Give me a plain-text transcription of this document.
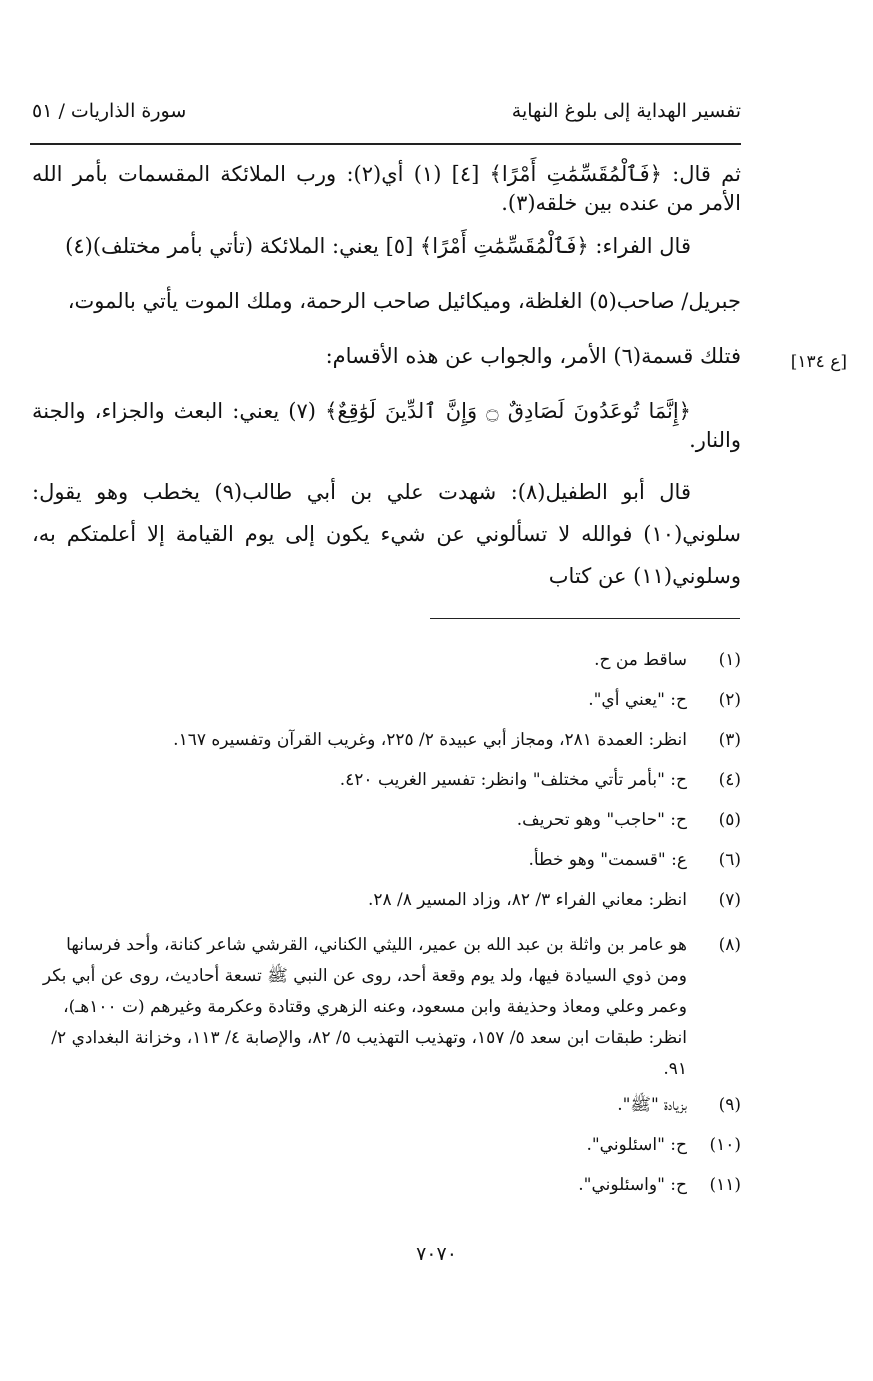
تفسير الهداية إلى بلوغ النهاية
سورة الذاريات / ٥١
[ع ١٣٤]

ثم قال: ﴿فَٱلْمُقَسِّمَٰتِ أَمْرًا﴾ [٤] (١) أي(٢): ورب الملائكة المقسمات بأمر الله الأمر من عنده بين خلقه(٣).

قال الفراء: ﴿فَٱلْمُقَسِّمَٰتِ أَمْرًا﴾ [٥] يعني: الملائكة (تأتي بأمر مختلف)(٤)
جبريل/ صاحب(٥) الغلظة، وميكائيل صاحب الرحمة، وملك الموت يأتي بالموت،
فتلك قسمة(٦) الأمر، والجواب عن هذه الأقسام:
﴿إِنَّمَا تُوعَدُونَ لَصَادِقٌ ۝ وَإِنَّ ٱلدِّينَ لَوَٰقِعٌ﴾ (٧) يعني: البعث والجزاء، والجنة والنار.

قال أبو الطفيل(٨): شهدت علي بن أبي طالب(٩) يخطب وهو يقول: سلوني(١٠) فوالله لا تسألوني عن شيء يكون إلى يوم القيامة إلا أعلمتكم به، وسلوني(١١) عن كتاب

(١)
ساقط من ح.
(٢)
ح: "يعني أي".
(٣)
انظر: العمدة ٢٨١، ومجاز أبي عبيدة ٢/ ٢٢٥، وغريب القرآن وتفسيره ١٦٧.
(٤)
ح: "بأمر تأتي مختلف" وانظر: تفسير الغريب ٤٢٠.
(٥)
ح: "حاجب" وهو تحريف.
(٦)
ع: "قسمت" وهو خطأ.
(٧)
انظر: معاني الفراء ٣/ ٨٢، وزاد المسير ٨/ ٢٨.
(٨)
هو عامر بن واثلة بن عبد الله بن عمير، الليثي الكناني، القرشي شاعر كنانة، وأحد فرسانها ومن ذوي السيادة فيها، ولد يوم وقعة أحد، روى عن النبي ﷺ تسعة أحاديث، روى عن أبي بكر وعمر وعلي ومعاذ وحذيفة وابن مسعود، وعنه الزهري وقتادة وعكرمة وغيرهم (ت ١٠٠هـ)، انظر: طبقات ابن سعد ٥/ ١٥٧، وتهذيب التهذيب ٥/ ٨٢، والإصابة ٤/ ١١٣، وخزانة البغدادي ٢/ ٩١.
(٩)
بزيادة "ﷺ".
(١٠)
ح: "اسئلوني".
(١١)
ح: "واسئلوني".
٧٠٧٠
